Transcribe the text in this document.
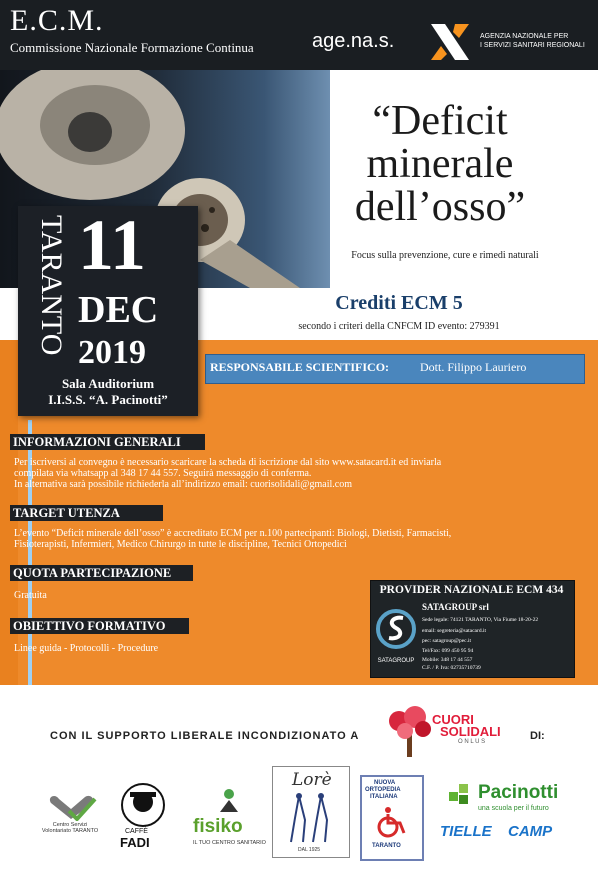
E.C.M.
Commissione Nazionale Formazione Continua	age.na.s.	AGENZIA NAZIONALE PER
I SERVIZI SANITARI REGIONALI
“Deficit
minerale
dell’osso”
Focus sulla prevenzione, cure e rimedi naturali
Crediti ECM 5
secondo i criteri della CNFCM ID evento: 279391
RESPONSABILE SCIENTIFICO:	Dott. Filippo Lauriero
TARANTO 11
DEC
2019
Sala Auditorium
I.I.S.S. “A. Pacinotti”
INFORMAZIONI GENERALI
Per iscriversi al convegno è necessario scaricare la scheda di iscrizione dal sito www.satacard.it ed inviarla
compilata via whatsapp al 348 17 44 557. Seguirà messaggio di conferma.
In alternativa sarà possibile richiederla all’indirizzo email: cuorisolidali@gmail.com
TARGET UTENZA
L’evento “Deficit minerale dell’osso” è accreditato ECM per n.100 partecipanti: Biologi, Dietisti, Farmacisti,
Fisioterapisti, Infermieri, Medico Chirurgo in tutte le discipline, Tecnici Ortopedici
QUOTA PARTECIPAZIONE
Gratuita
OBIETTIVO FORMATIVO
Linee guida - Protocolli - Procedure
PROVIDER NAZIONALE ECM 434
SATAGROUP
SATAGROUP srl
Sede legale: 74121 TARANTO, Via Fiume 18-20-22
email: segreteria@satacard.it
pec: satagroup@pec.it
Tel/Fax: 099 450 95 94
Mobile: 348 17 44 557
C.F. / P. Iva: 02735710739
CON IL SUPPORTO LIBERALE INCONDIZIONATO A	DI:
CUORI
SOLIDALI
O N L U S
Centro Servizi Volontariato TARANTO	CAFFÈ
FADI
fisiko
IL TUO CENTRO SANITARIO
Lorè
DAL 1925
NUOVA
ORTOPEDIA
ITALIANA
TARANTO
Pacinotti
una scuola per il futuro
TIELLE CAMP
